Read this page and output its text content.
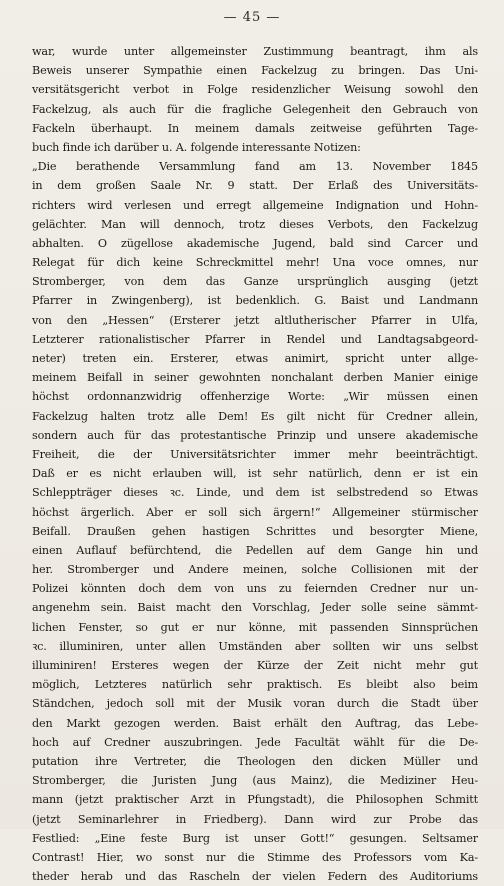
— 45 —
war, wurde unter allgemeinster Zustimmung beantragt, ihm als
Beweis unserer Sympathie einen Fackelzug zu bringen. Das Uni-
versitätsgericht verbot in Folge residenzlicher Weisung sowohl den
Fackelzug, als auch für die fragliche Gelegenheit den Gebrauch von
Fackeln überhaupt. In meinem damals zeitweise geführten Tage-
buch finde ich darüber u. A. folgende interessante Notizen:
„Die berathende Versammlung fand am 13. November 1845
in dem großen Saale Nr. 9 statt. Der Erlaß des Universitäts-
richters wird verlesen und erregt allgemeine Indignation und Hohn-
gelächter. Man will dennoch, trotz dieses Verbots, den Fackelzug
abhalten. O zügellose akademische Jugend, bald sind Carcer und
Relegat für dich keine Schreckmittel mehr! Una voce omnes, nur
Stromberger, von dem das Ganze ursprünglich ausging (jetzt
Pfarrer in Zwingenberg), ist bedenklich. G. Baist und Landmann
von den „Hessen“ (Ersterer jetzt altlutherischer Pfarrer in Ulfa,
Letzterer rationalistischer Pfarrer in Rendel und Landtagsabgeord-
neter) treten ein. Ersterer, etwas animirt, spricht unter allge-
meinem Beifall in seiner gewohnten nonchalant derben Manier einige
höchst ordonnanzwidrig offenherzige Worte: „Wir müssen einen
Fackelzug halten trotz alle Dem! Es gilt nicht für Credner allein,
sondern auch für das protestantische Prinzip und unsere akademische
Freiheit, die der Universitätsrichter immer mehr beeinträchtigt.
Daß er es nicht erlauben will, ist sehr natürlich, denn er ist ein
Schleppträger dieses ꝛc. Linde, und dem ist selbstredend so Etwas
höchst ärgerlich. Aber er soll sich ärgern!“ Allgemeiner stürmischer
Beifall. Draußen gehen hastigen Schrittes und besorgter Miene,
einen Auflauf befürchtend, die Pedellen auf dem Gange hin und
her. Stromberger und Andere meinen, solche Collisionen mit der
Polizei könnten doch dem von uns zu feiernden Credner nur un-
angenehm sein. Baist macht den Vorschlag, Jeder solle seine sämmt-
lichen Fenster, so gut er nur könne, mit passenden Sinnsprüchen
ꝛc. illuminiren, unter allen Umständen aber sollten wir uns selbst
illuminiren! Ersteres wegen der Kürze der Zeit nicht mehr gut
möglich, Letzteres natürlich sehr praktisch. Es bleibt also beim
Ständchen, jedoch soll mit der Musik voran durch die Stadt über
den Markt gezogen werden. Baist erhält den Auftrag, das Lebe-
hoch auf Credner auszubringen. Jede Facultät wählt für die De-
putation ihre Vertreter, die Theologen den dicken Müller und
Stromberger, die Juristen Jung (aus Mainz), die Mediziner Heu-
mann (jetzt praktischer Arzt in Pfungstadt), die Philosophen Schmitt
(jetzt Seminarlehrer in Friedberg). Dann wird zur Probe das
Festlied: „Eine feste Burg ist unser Gott!“ gesungen. Seltsamer
Contrast! Hier, wo sonst nur die Stimme des Professors vom Ka-
theder herab und das Rascheln der vielen Federn des Auditoriums
